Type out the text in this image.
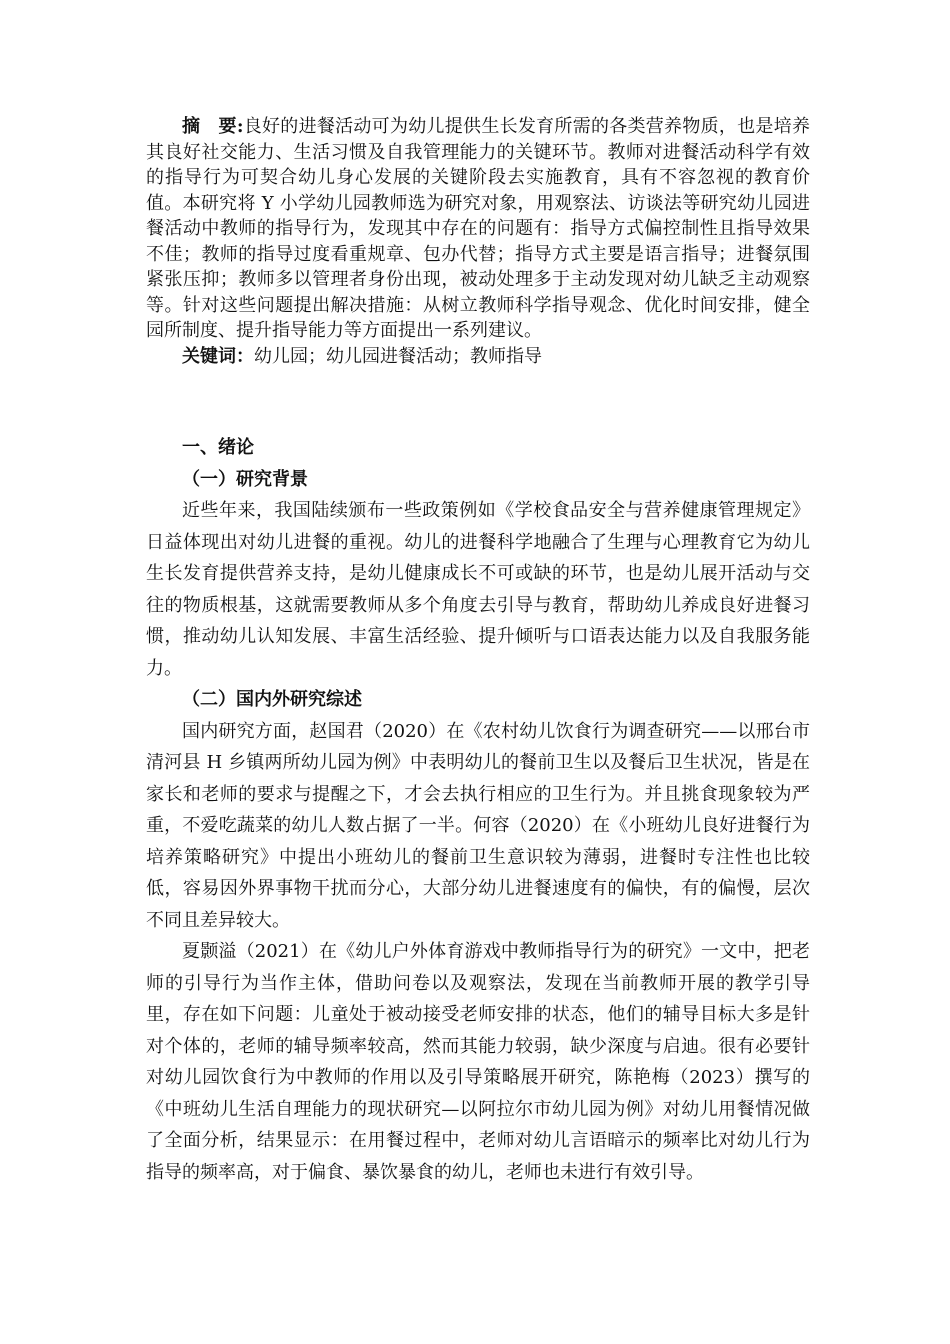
摘　要:良好的进餐活动可为幼儿提供生长发育所需的各类营养物质，也是培养其良好社交能力、生活习惯及自我管理能力的关键环节。教师对进餐活动科学有效的指导行为可契合幼儿身心发展的关键阶段去实施教育，具有不容忽视的教育价值。本研究将 Y 小学幼儿园教师选为研究对象，用观察法、访谈法等研究幼儿园进餐活动中教师的指导行为，发现其中存在的问题有：指导方式偏控制性且指导效果不佳；教师的指导过度看重规章、包办代替；指导方式主要是语言指导；进餐氛围紧张压抑；教师多以管理者身份出现，被动处理多于主动发现对幼儿缺乏主动观察等。针对这些问题提出解决措施：从树立教师科学指导观念、优化时间安排，健全园所制度、提升指导能力等方面提出一系列建议。

关键词：幼儿园；幼儿园进餐活动；教师指导

一、绪论
（一）研究背景

近些年来，我国陆续颁布一些政策例如《学校食品安全与营养健康管理规定》日益体现出对幼儿进餐的重视。幼儿的进餐科学地融合了生理与心理教育它为幼儿生长发育提供营养支持，是幼儿健康成长不可或缺的环节，也是幼儿展开活动与交往的物质根基，这就需要教师从多个角度去引导与教育，帮助幼儿养成良好进餐习惯，推动幼儿认知发展、丰富生活经验、提升倾听与口语表达能力以及自我服务能力。

（二）国内外研究综述

国内研究方面，赵国君（2020）在《农村幼儿饮食行为调查研究——以邢台市清河县 H 乡镇两所幼儿园为例》中表明幼儿的餐前卫生以及餐后卫生状况，皆是在家长和老师的要求与提醒之下，才会去执行相应的卫生行为。并且挑食现象较为严重，不爱吃蔬菜的幼儿人数占据了一半。何容（2020）在《小班幼儿良好进餐行为培养策略研究》中提出小班幼儿的餐前卫生意识较为薄弱，进餐时专注性也比较低，容易因外界事物干扰而分心，大部分幼儿进餐速度有的偏快，有的偏慢，层次不同且差异较大。

夏颢溢（2021）在《幼儿户外体育游戏中教师指导行为的研究》一文中，把老师的引导行为当作主体，借助问卷以及观察法，发现在当前教师开展的教学引导里，存在如下问题：儿童处于被动接受老师安排的状态，他们的辅导目标大多是针对个体的，老师的辅导频率较高，然而其能力较弱，缺少深度与启迪。很有必要针对幼儿园饮食行为中教师的作用以及引导策略展开研究，陈艳梅（2023）撰写的《中班幼儿生活自理能力的现状研究—以阿拉尔市幼儿园为例》对幼儿用餐情况做了全面分析，结果显示：在用餐过程中，老师对幼儿言语暗示的频率比对幼儿行为指导的频率高，对于偏食、暴饮暴食的幼儿，老师也未进行有效引导。
